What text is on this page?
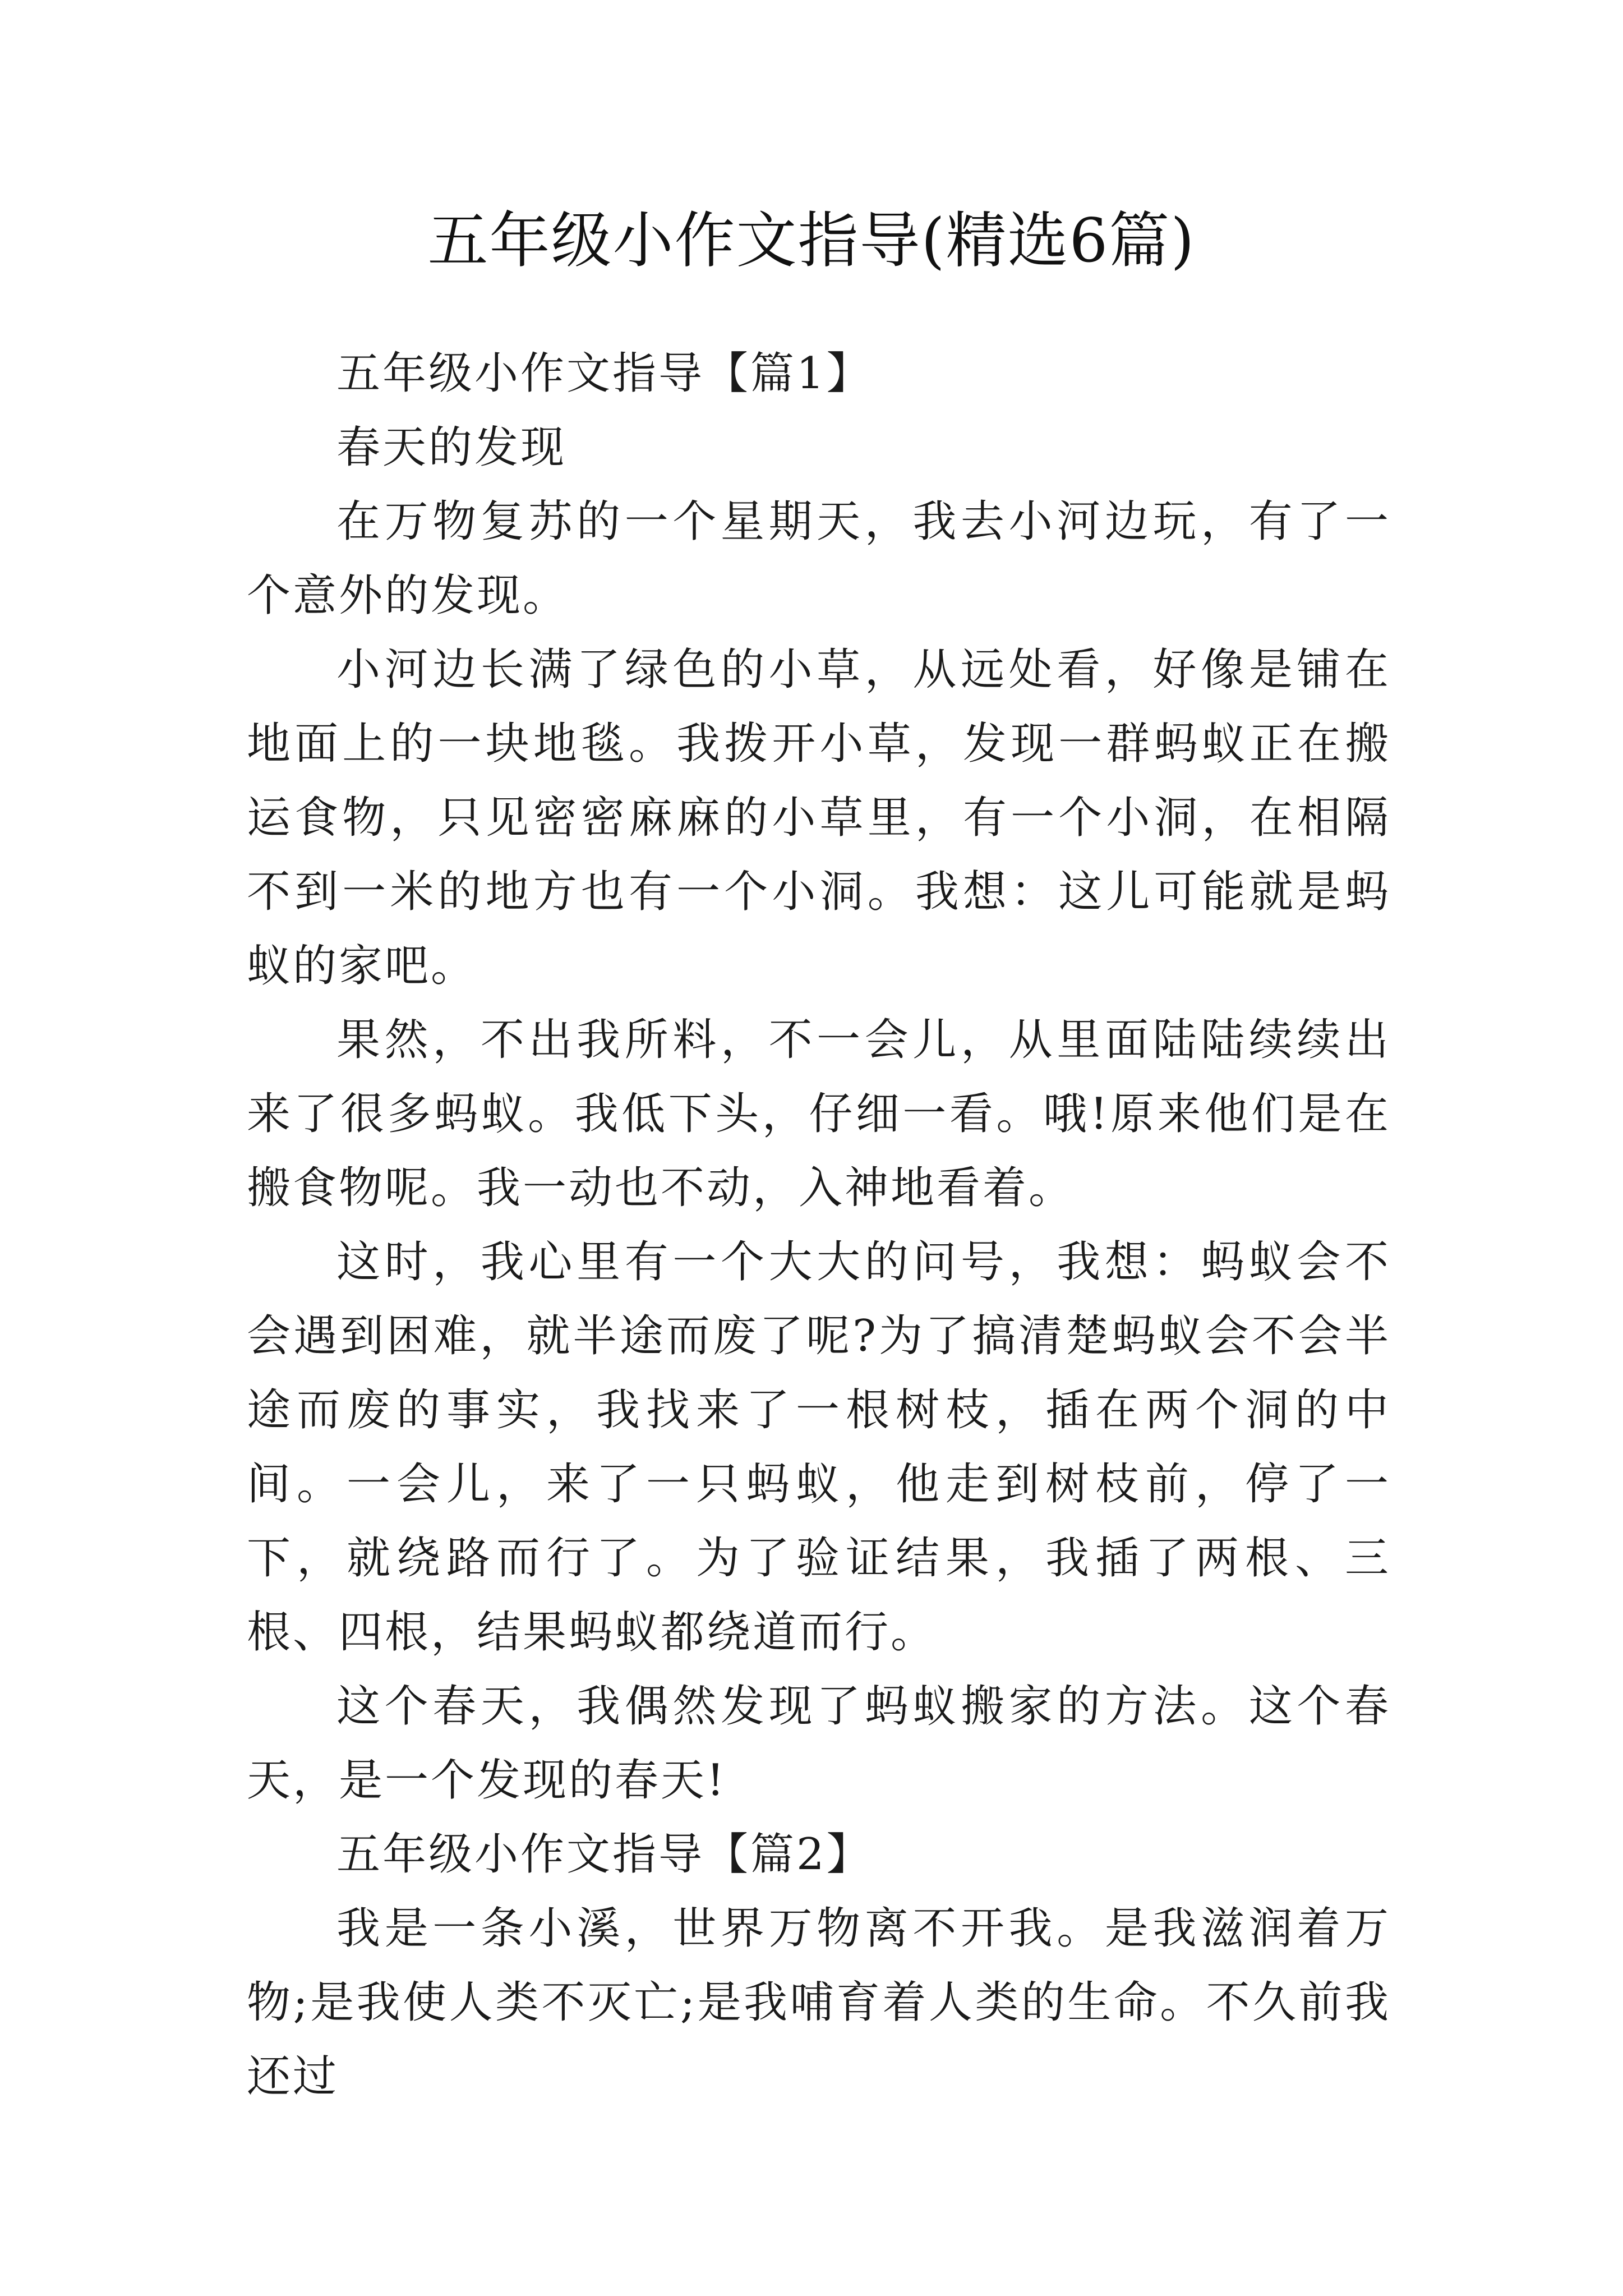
五年级小作文指导(精选6篇)

五年级小作文指导【篇1】

春天的发现

在万物复苏的一个星期天，我去小河边玩，有了一个意外的发现。

小河边长满了绿色的小草，从远处看，好像是铺在地面上的一块地毯。我拨开小草，发现一群蚂蚁正在搬运食物，只见密密麻麻的小草里，有一个小洞，在相隔不到一米的地方也有一个小洞。我想：这儿可能就是蚂蚁的家吧。

果然，不出我所料，不一会儿，从里面陆陆续续出来了很多蚂蚁。我低下头，仔细一看。哦!原来他们是在搬食物呢。我一动也不动，入神地看着。

这时，我心里有一个大大的问号，我想：蚂蚁会不会遇到困难，就半途而废了呢?为了搞清楚蚂蚁会不会半途而废的事实，我找来了一根树枝，插在两个洞的中间。一会儿，来了一只蚂蚁，他走到树枝前，停了一下，就绕路而行了。为了验证结果，我插了两根、三根、四根，结果蚂蚁都绕道而行。

这个春天，我偶然发现了蚂蚁搬家的方法。这个春天，是一个发现的春天!

五年级小作文指导【篇2】

我是一条小溪，世界万物离不开我。是我滋润着万物;是我使人类不灭亡;是我哺育着人类的生命。不久前我还过
